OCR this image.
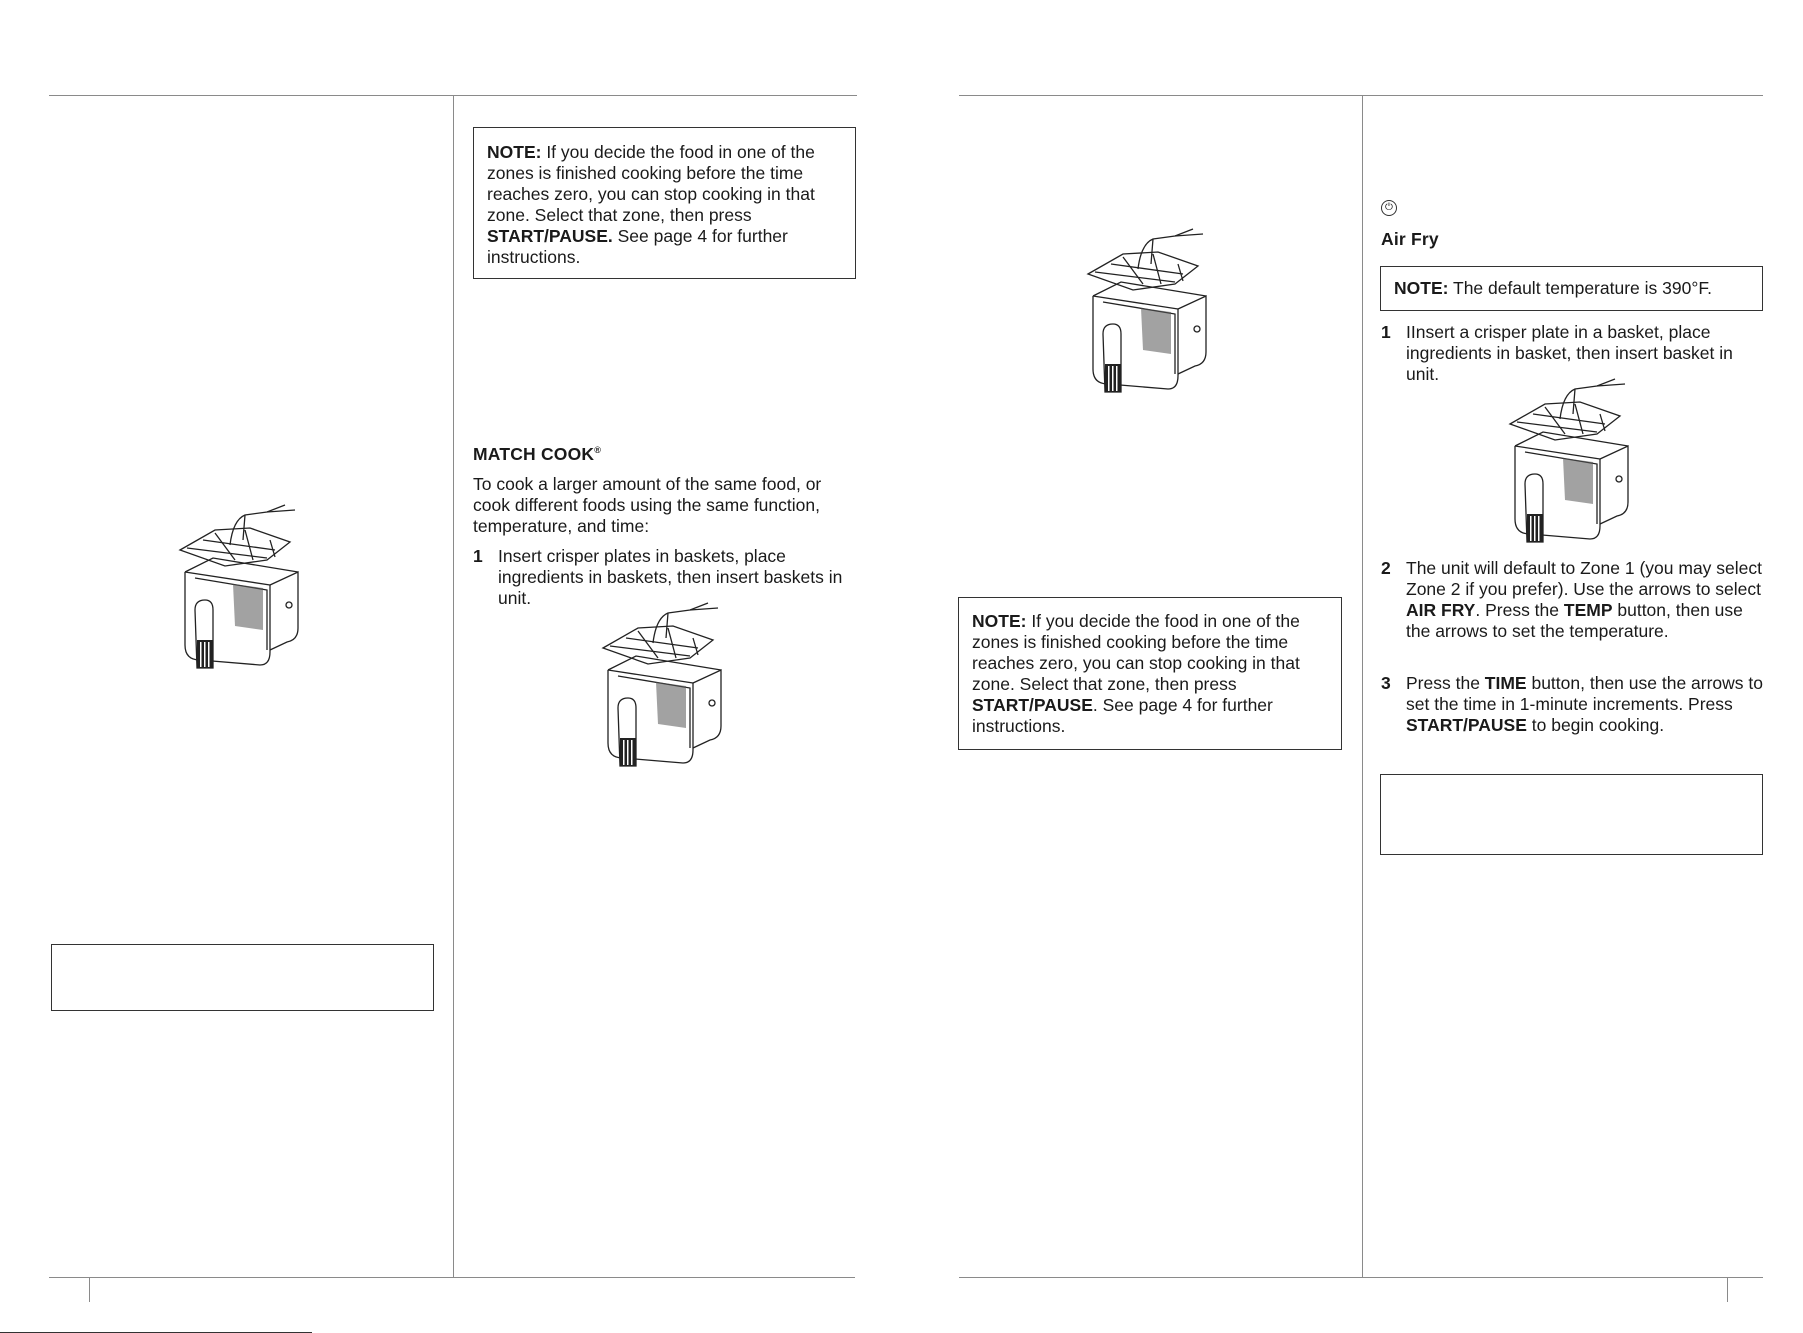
NOTE: If you decide the food in one of the zones is finished cooking before the time reaches zero, you can stop cooking in that zone. Select that zone, then press START/PAUSE. See page 4 for further instructions.

MATCH COOK®
To cook a larger amount of the same food, or cook different foods using the same function, temperature, and time:
1 Insert crisper plates in baskets, place ingredients in baskets, then insert baskets in unit.

NOTE: If you decide the food in one of the zones is finished cooking before the time reaches zero, you can stop cooking in that zone. Select that zone, then press START/PAUSE. See page 4 for further instructions.

⏻
Air Fry

NOTE: The default temperature is 390°F.

1 IInsert a crisper plate in a basket, place ingredients in basket, then insert basket in unit.
2 The unit will default to Zone 1 (you may select Zone 2 if you prefer). Use the arrows to select AIR FRY. Press the TEMP button, then use the arrows to set the temperature.
3 Press the TIME button, then use the arrows to set the time in 1-minute increments. Press START/PAUSE to begin cooking.
